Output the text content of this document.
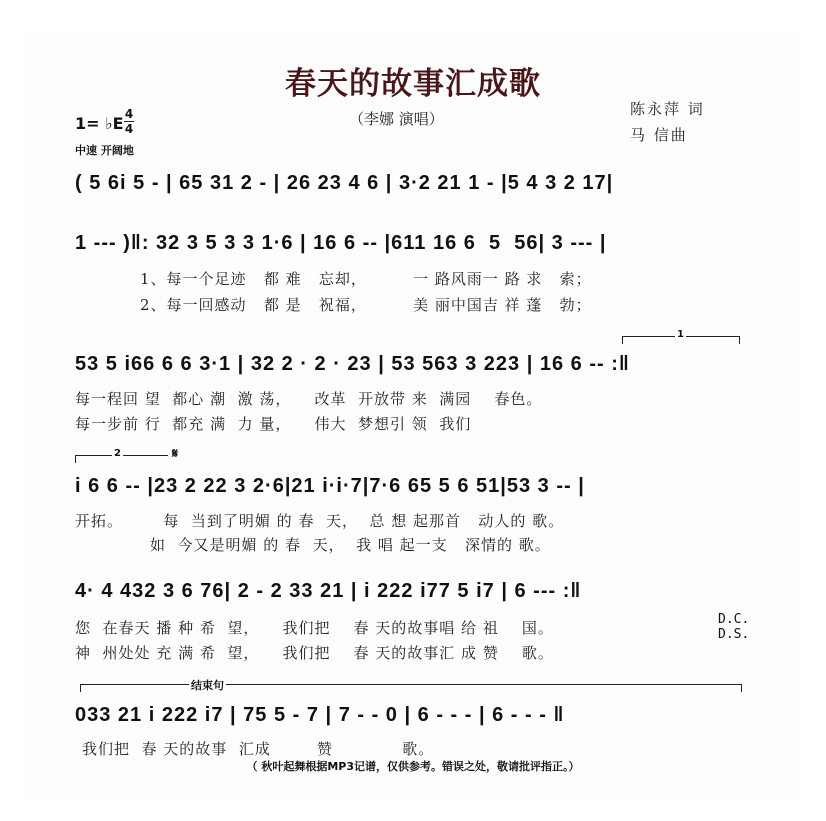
春天的故事汇成歌
（李娜 演唱）
陈永萍 词
马 信曲
1= ♭E 4
4
中速 开阔地
( 5 6i 5 - | 65 31 2 - | 26 23 4 6 | 3·2 21 1 - |5 4 3 2 17|
1 --- )‖: 32 3 5 3 3 1·6 | 16 6 -- |611 16 6  5  56| 3 --- |
1、每一个足迹   都 难   忘却，        一 路风雨一 路 求   索；
2、每一回感动   都 是   祝福，        美 丽中国吉 祥 蓬   勃；
1
53 5 i66 6 6 3·1 | 32 2 · 2 · 23 | 53 563 3 223 | 16 6 -- :‖
每一程回 望  都心 潮  激 荡，    改革  开放带 来  满园    春色。
每一步前 行  都充 满  力 量，    伟大  梦想引 领  我们
2	𝄋
i 6 6 -- |23 2 22 3 2·6|21 i·i·7|7·6 65 5 6 51|53 3 -- |
开拓。       每  当到了明媚 的 春  天，  总 想 起那首   动人的 歌。
如  今又是明媚 的 春  天，  我 唱 起一支   深情的 歌。
4· 4 432 3 6 76| 2 - 2 33 21 | i 222 i77 5 i7 | 6 --- :‖
您  在春天 播 种 希  望，    我们把    春 天的故事唱 给 祖    国。
神  州处处 充 满 希  望，    我们把    春 天的故事汇 成 赞    歌。
D.C.
D.S.
结束句
033 21 i 222 i7 | 75 5 - 7 | 7 - - 0 | 6 - - - | 6 - - - ‖
我们把  春 天的故事  汇成        赞            歌。
（ 秋叶起舞根据MP3记谱，仅供参考。错误之处，敬请批评指正。）
